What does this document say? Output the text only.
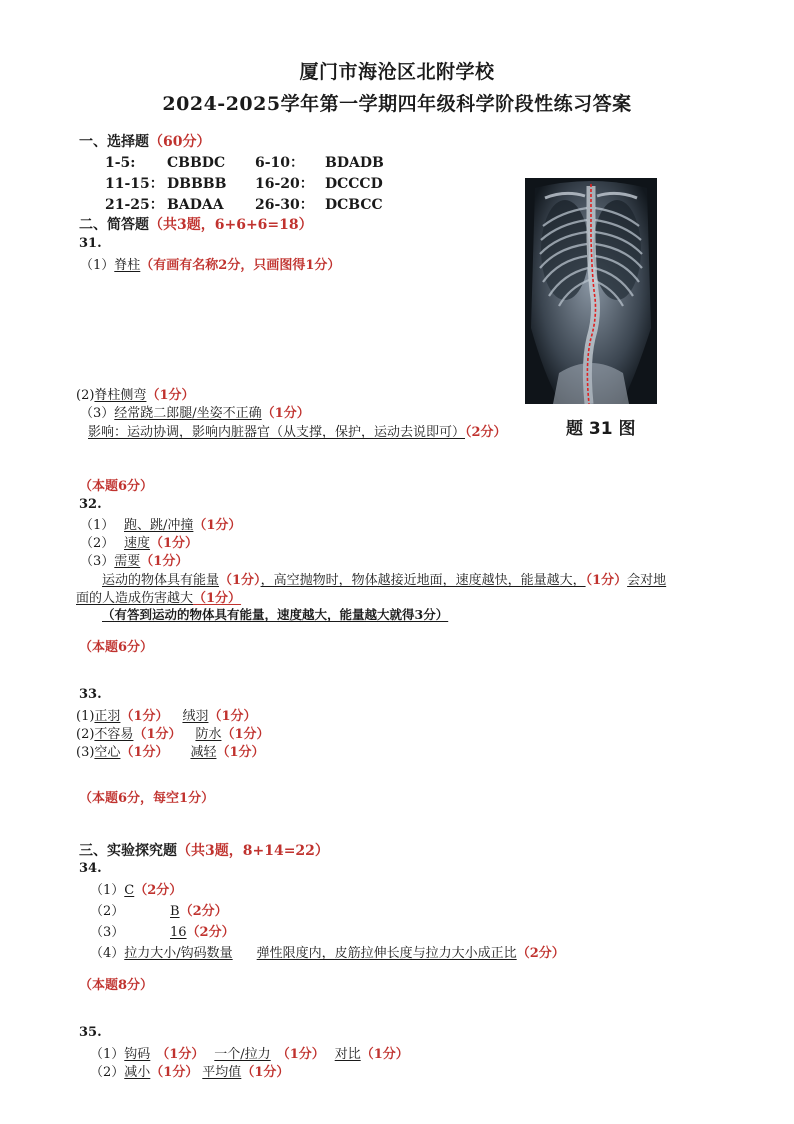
厦门市海沧区北附学校
2024-2025学年第一学期四年级科学阶段性练习答案
一、选择题（60分）
1-5: CBBDC 6-10： BDADB
11-15： DBBBB 16-20： DCCCD
21-25： BADAA 26-30： DCBCC
二、简答题（共3题，6+6+6=18）
31.
（1）脊柱（有画有名称2分，只画图得1分）
(2)脊柱侧弯（1分）
（3）经常跷二郎腿/坐姿不正确（1分）
影响：运动协调，影响内脏器官（从支撑，保护，运动去说即可）（2分）	题 31 图
（本题6分）
32.
（1） 跑、跳/冲撞（1分）
（2） 速度（1分）
（3）需要（1分）
运动的物体具有能量（1分），高空抛物时，物体越接近地面，速度越快，能量越大，（1分）会对地
面的人造成伤害越大（1分）
（有答到运动的物体具有能量，速度越大，能量越大就得3分）
（本题6分）
33.
(1)正羽（1分） 绒羽（1分）
(2)不容易（1分） 防水（1分）
(3)空心（1分） 减轻（1分）
（本题6分，每空1分）
三、实验探究题（共3题，8+14=22）
34.
（1）C（2分）
（2）	B（2分）
（3）	16（2分）
（4）拉力大小/钩码数量 弹性限度内，皮筋拉伸长度与拉力大小成正比（2分）
（本题8分）
35.
（1）钩码 （1分） 一个/拉力 （1分） 对比（1分）
（2）减小（1分） 平均值（1分）
